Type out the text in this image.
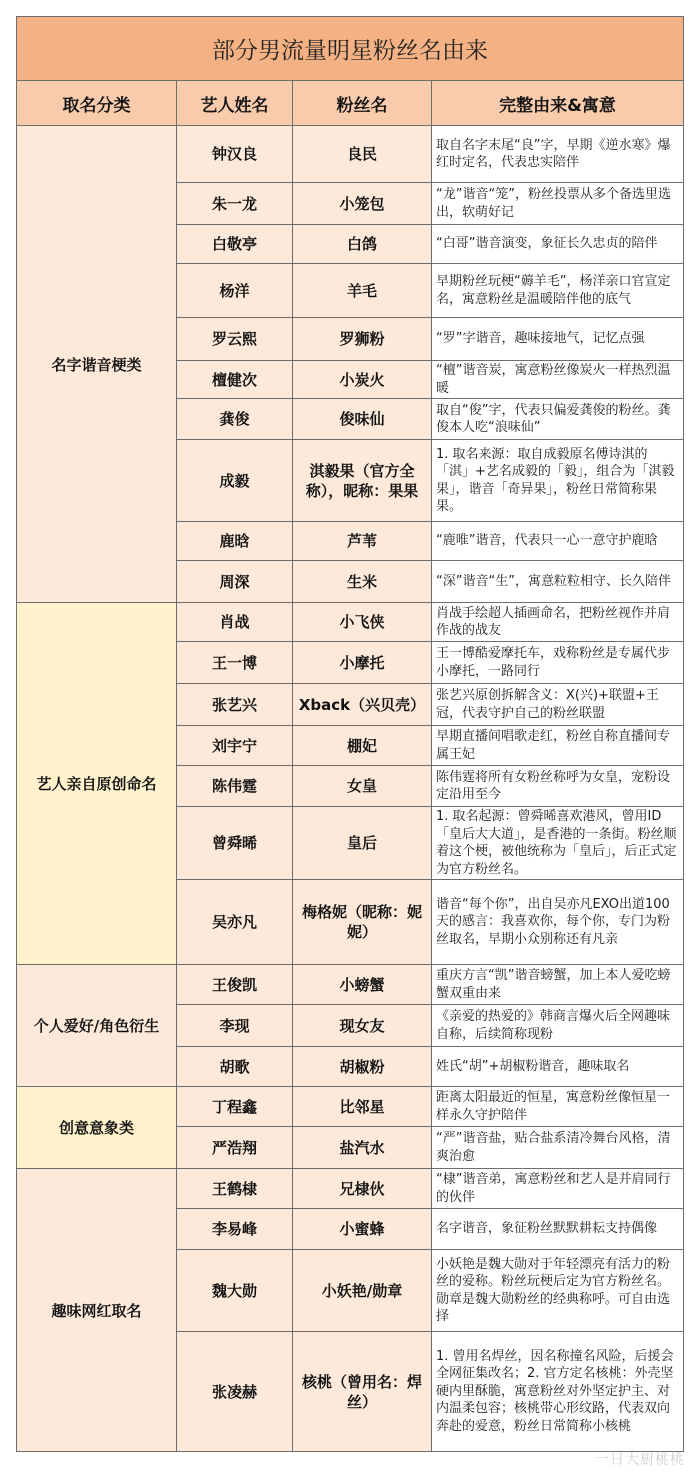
部分男流量明星粉丝名由来			
取名分类	艺人姓名	粉丝名	完整由来&寓意
名字谐音梗类	钟汉良	良民	取自名字末尾“良”字，早期《逆水寒》爆红时定名，代表忠实陪伴
	朱一龙	小笼包	“龙”谐音“笼”，粉丝投票从多个备选里选出，软萌好记
	白敬亭	白鸽	“白哥”谐音演变，象征长久忠贞的陪伴
	杨洋	羊毛	早期粉丝玩梗“薅羊毛”，杨洋亲口官宣定名，寓意粉丝是温暖陪伴他的底气
	罗云熙	罗狮粉	“罗”字谐音，趣味接地气，记忆点强
	檀健次	小炭火	“檀”谐音炭，寓意粉丝像炭火一样热烈温暖
	龚俊	俊味仙	取自“俊”字，代表只偏爱龚俊的粉丝。龚俊本人吃“浪味仙”
	成毅	淇毅果（官方全称），昵称：果果	1. 取名来源：取自成毅原名傅诗淇的「淇」+艺名成毅的「毅」，组合为「淇毅果」，谐音「奇异果」，粉丝日常简称果果。
	鹿晗	芦苇	“鹿唯”谐音，代表只一心一意守护鹿晗
	周深	生米	“深”谐音“生”，寓意粒粒相守、长久陪伴
艺人亲自原创命名	肖战	小飞侠	肖战手绘超人插画命名，把粉丝视作并肩作战的战友
	王一博	小摩托	王一博酷爱摩托车，戏称粉丝是专属代步小摩托，一路同行
	张艺兴	Xback（兴贝壳）	张艺兴原创拆解含义：X(兴)+联盟+王冠，代表守护自己的粉丝联盟
	刘宇宁	棚妃	早期直播间唱歌走红，粉丝自称直播间专属王妃
	陈伟霆	女皇	陈伟霆将所有女粉丝称呼为女皇，宠粉设定沿用至今
	曾舜晞	皇后	1. 取名起源：曾舜晞喜欢港风，曾用ID「皇后大大道」，是香港的一条街。粉丝顺着这个梗，被他统称为「皇后」，后正式定为官方粉丝名。
	吴亦凡	梅格妮（昵称：妮妮）	谐音“每个你”，出自吴亦凡EXO出道100天的感言：我喜欢你，每个你，专门为粉丝取名，早期小众别称还有凡亲
个人爱好/角色衍生	王俊凯	小螃蟹	重庆方言“凯”谐音螃蟹，加上本人爱吃螃蟹双重由来
	李现	现女友	《亲爱的热爱的》韩商言爆火后全网趣味自称，后续简称现粉
	胡歌	胡椒粉	姓氏“胡”+胡椒粉谐音，趣味取名
创意意象类	丁程鑫	比邻星	距离太阳最近的恒星，寓意粉丝像恒星一样永久守护陪伴
	严浩翔	盐汽水	“严”谐音盐，贴合盐系清冷舞台风格，清爽治愈
趣味网红取名	王鹤棣	兄棣伙	“棣”谐音弟，寓意粉丝和艺人是并肩同行的伙伴
	李易峰	小蜜蜂	名字谐音，象征粉丝默默耕耘支持偶像
	魏大勋	小妖艳/勋章	小妖艳是魏大勋对于年轻漂亮有活力的粉丝的爱称。粉丝玩梗后定为官方粉丝名。勋章是魏大勋粉丝的经典称呼。可自由选择
	张凌赫	核桃（曾用名：焊丝）	1. 曾用名焊丝，因名称撞名风险，后援会全网征集改名；2. 官方定名核桃：外壳坚硬内里酥脆，寓意粉丝对外坚定护主、对内温柔包容；核桃带心形纹路，代表双向奔赴的爱意，粉丝日常简称小核桃
一日大厨桃桃
